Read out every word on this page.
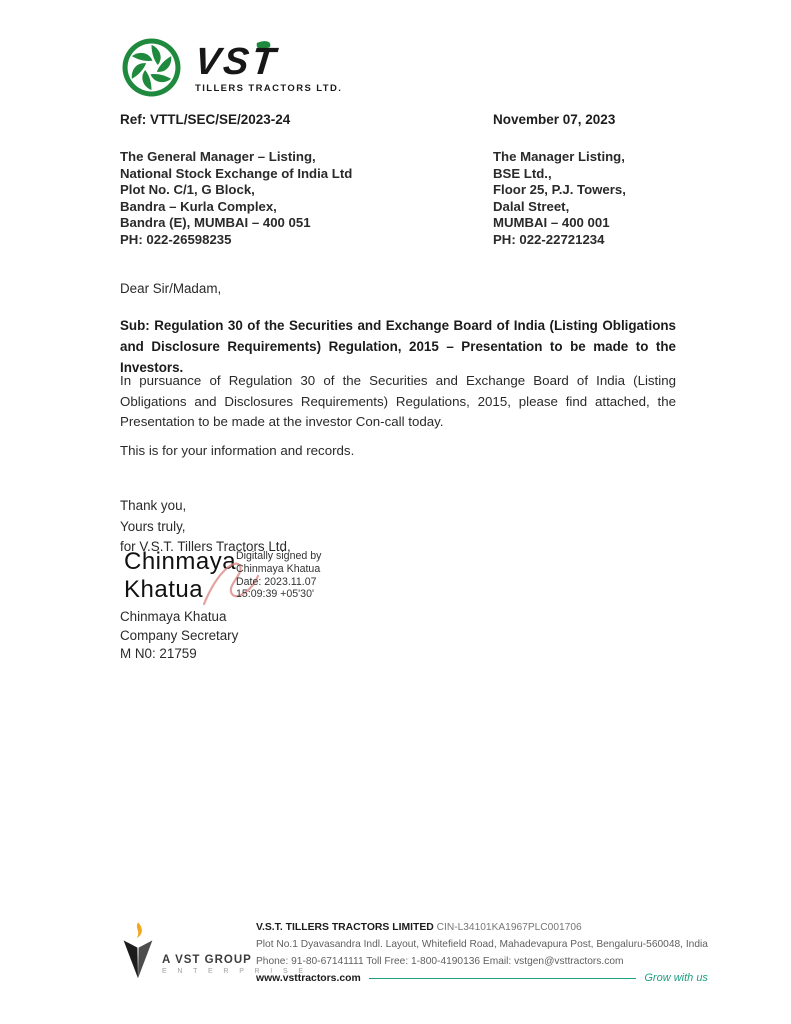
VST
TILLERS TRACTORS LTD.
Ref: VTTL/SEC/SE/2023-24	November 07, 2023
The General Manager – Listing,
National Stock Exchange of India Ltd
Plot No. C/1, G Block,
Bandra – Kurla Complex,
Bandra (E), MUMBAI – 400 051
PH: 022-26598235
The Manager Listing,
BSE Ltd.,
Floor 25, P.J. Towers,
Dalal Street,
MUMBAI – 400 001
PH: 022-22721234

Dear Sir/Madam,

Sub: Regulation 30 of the Securities and Exchange Board of India (Listing Obligations and Disclosure Requirements) Regulation, 2015 – Presentation to be made to the Investors.

In pursuance of Regulation 30 of the Securities and Exchange Board of India (Listing Obligations and Disclosures Requirements) Regulations, 2015, please find attached, the Presentation to be made at the investor Con-call today.

This is for your information and records.

Thank you,
Yours truly,
for V.S.T. Tillers Tractors Ltd,
Chinmaya
Khatua
Digitally signed by
Chinmaya Khatua
Date: 2023.11.07
15:09:39 +05'30'
Chinmaya Khatua
Company Secretary
M N0: 21759
A VST GROUP
E N T E R P R I S E
V.S.T. TILLERS TRACTORS LIMITED CIN-L34101KA1967PLC001706
Plot No.1 Dyavasandra Indl. Layout, Whitefield Road, Mahadevapura Post, Bengaluru-560048, India
Phone: 91-80-67141111 Toll Free: 1-800-4190136 Email: vstgen@vsttractors.com
www.vsttractors.com	Grow with us
